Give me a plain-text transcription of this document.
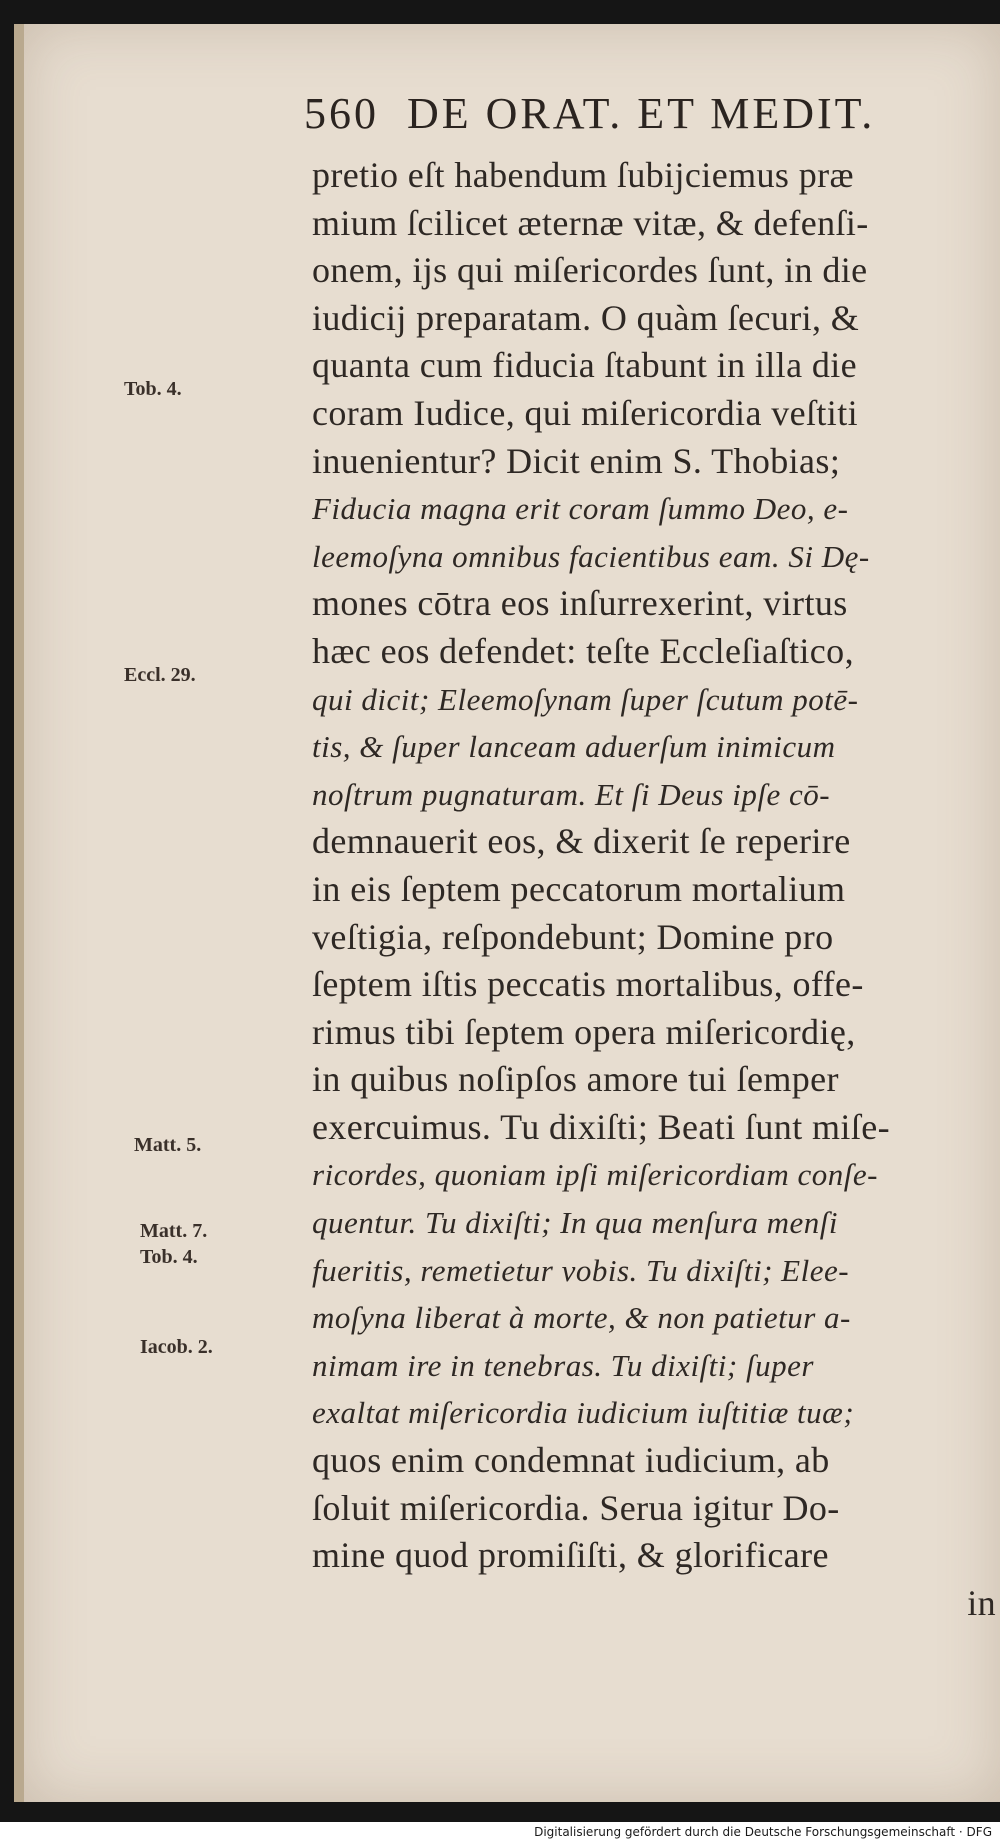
560 DE ORAT. ET MEDIT.
Tob. 4.
Eccl. 29.
Matt. 5.
Matt. 7.
Tob. 4.
Iacob. 2.
pretio eſt habendum ſubijciemus præ
mium ſcilicet æternæ vitæ, & defenſi-
onem, ijs qui miſericordes ſunt, in die
iudicij preparatam. O quàm ſecuri, &
quanta cum fiducia ſtabunt in illa die
coram Iudice, qui miſericordia veſtiti
inuenientur? Dicit enim S. Thobias;
Fiducia magna erit coram ſummo Deo, e-
leemoſyna omnibus facientibus eam. Si Dę-
mones cōtra eos inſurrexerint, virtus
hæc eos defendet: teſte Eccleſiaſtico,
qui dicit; Eleemoſynam ſuper ſcutum potē-
tis, & ſuper lanceam aduerſum inimicum
noſtrum pugnaturam. Et ſi Deus ipſe cō-
demnauerit eos, & dixerit ſe reperire
in eis ſeptem peccatorum mortalium
veſtigia, reſpondebunt; Domine pro
ſeptem iſtis peccatis mortalibus, offe-
rimus tibi ſeptem opera miſericordię,
in quibus noſipſos amore tui ſemper
exercuimus. Tu dixiſti; Beati ſunt miſe-
ricordes, quoniam ipſi miſericordiam conſe-
quentur. Tu dixiſti; In qua menſura menſi
fueritis, remetietur vobis. Tu dixiſti; Elee-
moſyna liberat à morte, & non patietur a-
nimam ire in tenebras. Tu dixiſti; ſuper
exaltat miſericordia iudicium iuſtitiæ tuæ;
quos enim condemnat iudicium, ab
ſoluit miſericordia. Serua igitur Do-
mine quod promiſiſti, & glorificare
in
Digitalisierung gefördert durch die Deutsche Forschungsgemeinschaft · DFG
